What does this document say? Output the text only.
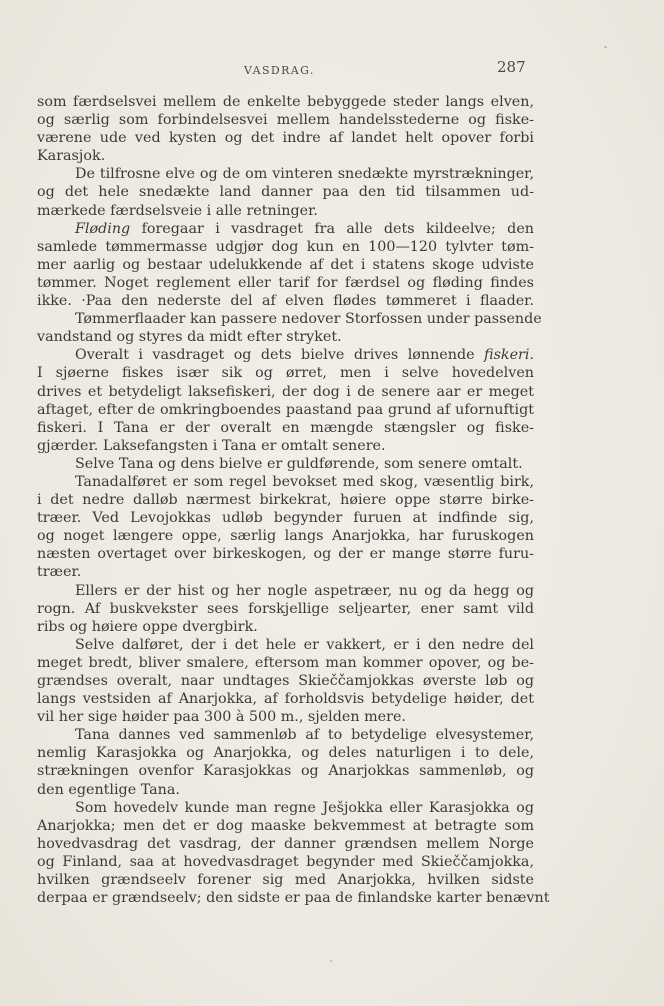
VASDRAG.	287
som færdselsvei mellem de enkelte bebyggede steder langs elven,
og særlig som forbindelsesvei mellem handelsstederne og fiske-
værene ude ved kysten og det indre af landet helt opover forbi
Karasjok.
De tilfrosne elve og de om vinteren snedækte myrstrækninger,
og det hele snedækte land danner paa den tid tilsammen ud-
mærkede færdselsveie i alle retninger.
Fløding foregaar i vasdraget fra alle dets kildeelve; den
samlede tømmermasse udgjør dog kun en 100—120 tylvter tøm-
mer aarlig og bestaar udelukkende af det i statens skoge udviste
tømmer. Noget reglement eller tarif for færdsel og fløding findes
ikke. ·Paa den nederste del af elven flødes tømmeret i flaader.
Tømmerflaader kan passere nedover Storfossen under passende
vandstand og styres da midt efter stryket.
Overalt i vasdraget og dets bielve drives lønnende fiskeri.
I sjøerne fiskes især sik og ørret, men i selve hovedelven
drives et betydeligt laksefiskeri, der dog i de senere aar er meget
aftaget, efter de omkringboendes paastand paa grund af ufornuftigt
fiskeri. I Tana er der overalt en mængde stængsler og fiske-
gjærder. Laksefangsten i Tana er omtalt senere.
Selve Tana og dens bielve er guldførende, som senere omtalt.
Tanadalføret er som regel bevokset med skog, væsentlig birk,
i det nedre dalløb nærmest birkekrat, høiere oppe større birke-
træer. Ved Levojokkas udløb begynder furuen at indfinde sig,
og noget længere oppe, særlig langs Anarjokka, har furuskogen
næsten overtaget over birkeskogen, og der er mange større furu-
træer.
Ellers er der hist og her nogle aspetræer, nu og da hegg og
rogn. Af buskvekster sees forskjellige seljearter, ener samt vild
ribs og høiere oppe dvergbirk.
Selve dalføret, der i det hele er vakkert, er i den nedre del
meget bredt, bliver smalere, eftersom man kommer opover, og be-
grændses overalt, naar undtages Skieččamjokkas øverste løb og
langs vestsiden af Anarjokka, af forholdsvis betydelige høider, det
vil her sige høider paa 300 à 500 m., sjelden mere.
Tana dannes ved sammenløb af to betydelige elvesystemer,
nemlig Karasjokka og Anarjokka, og deles naturligen i to dele,
strækningen ovenfor Karasjokkas og Anarjokkas sammenløb, og
den egentlige Tana.
Som hovedelv kunde man regne Ješjokka eller Karasjokka og
Anarjokka; men det er dog maaske bekvemmest at betragte som
hovedvasdrag det vasdrag, der danner grændsen mellem Norge
og Finland, saa at hovedvasdraget begynder med Skieččamjokka,
hvilken grændseelv forener sig med Anarjokka, hvilken sidste
derpaa er grændseelv; den sidste er paa de finlandske karter benævnt
